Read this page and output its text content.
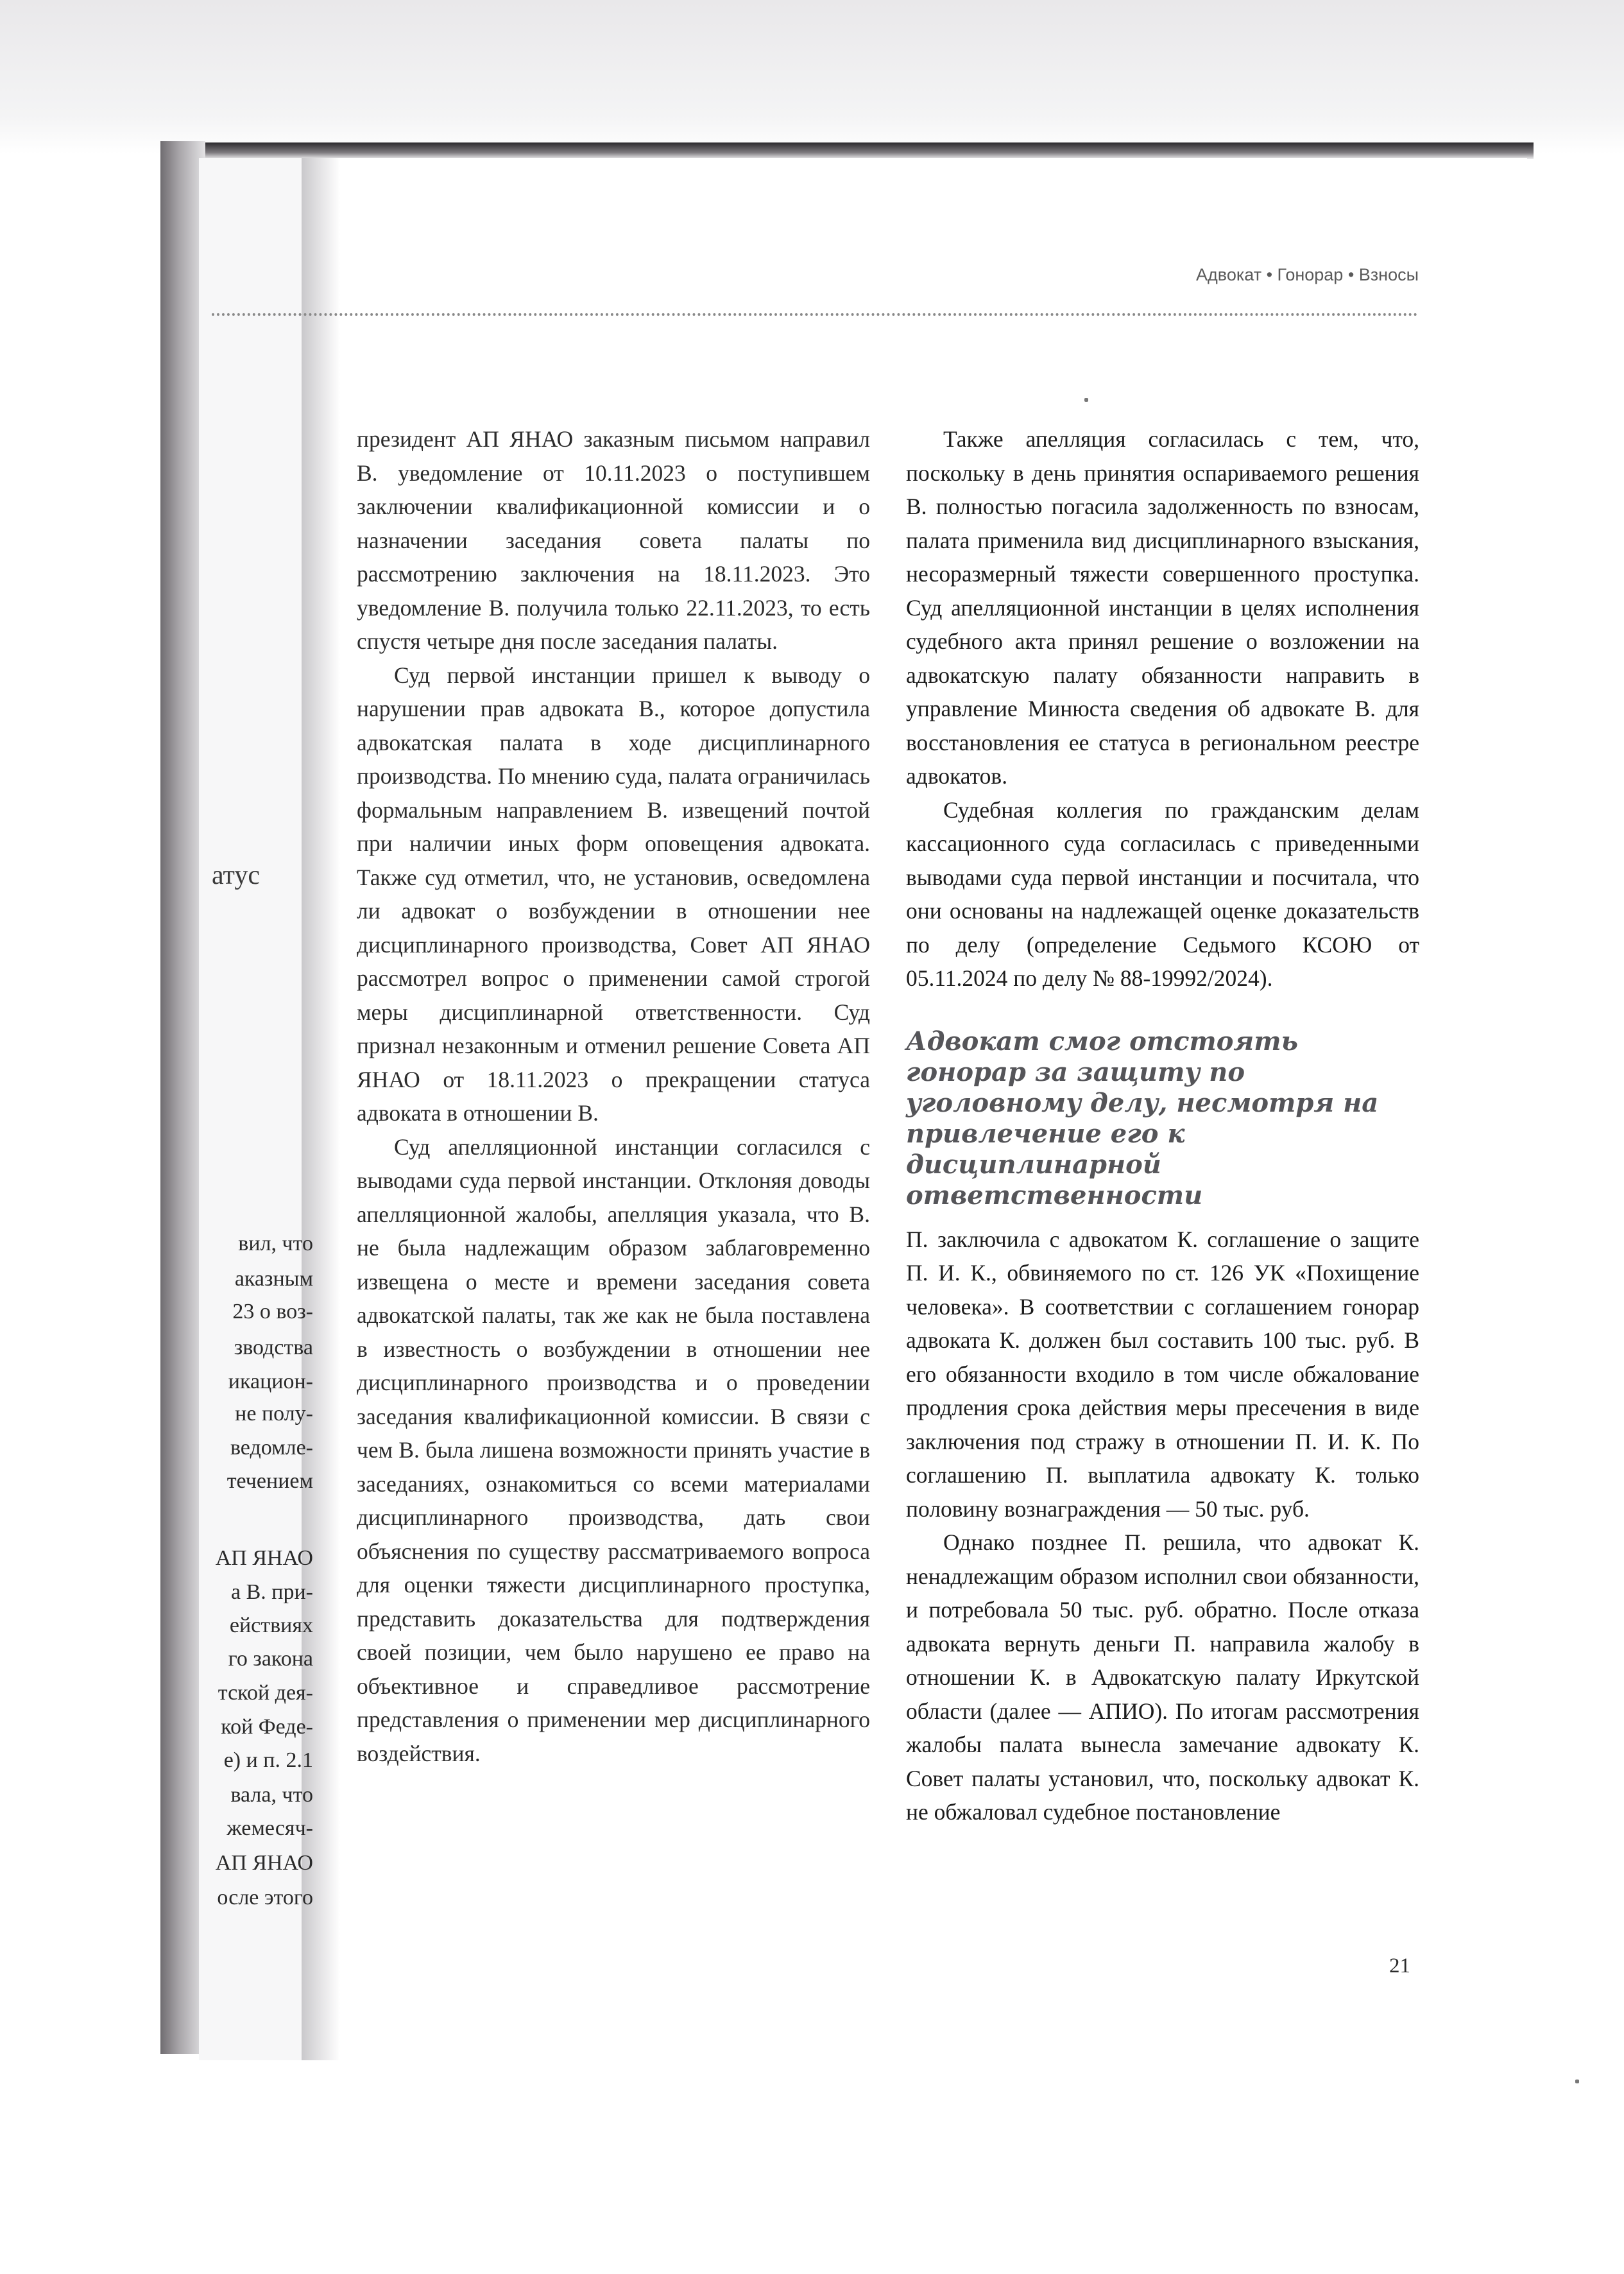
атус
вил, что
аказным
23 о воз-
зводства
икацион-
не полу-
ведомле-
течением
АП ЯНАО
а В. при-
ействиях
го закона
тской дея-
кой Феде-
е) и п. 2.1
вала, что
жемесяч-
АП ЯНАО
осле этого
Адвокат • Гонорар • Взносы

президент АП ЯНАО заказным письмом направил В. уведомление от 10.11.2023 о поступившем заключении квалификационной комиссии и о назначении заседания совета палаты по рассмотрению заключения на 18.11.2023. Это уведомление В. получила только 22.11.2023, то есть спустя четыре дня после заседания палаты.

Суд первой инстанции пришел к выводу о нарушении прав адвоката В., которое допустила адвокатская палата в ходе дисциплинарного производства. По мнению суда, палата ограничилась формальным направлением В. извещений почтой при наличии иных форм оповещения адвоката. Также суд отметил, что, не установив, осведомлена ли адвокат о возбуждении в отношении нее дисциплинарного производства, Совет АП ЯНАО рассмотрел вопрос о применении самой строгой меры дисциплинарной ответственности. Суд признал незаконным и отменил решение Совета АП ЯНАО от 18.11.2023 о прекращении статуса адвоката в отношении В.

Суд апелляционной инстанции согласился с выводами суда первой инстанции. Отклоняя доводы апелляционной жалобы, апелляция указала, что В. не была надлежащим образом заблаговременно извещена о месте и времени заседания совета адвокатской палаты, так же как не была поставлена в известность о возбуждении в отношении нее дисциплинарного производства и о проведении заседания квалификационной комиссии. В связи с чем В. была лишена возможности принять участие в заседаниях, ознакомиться со всеми материалами дисциплинарного производства, дать свои объяснения по существу рассматриваемого вопроса для оценки тяжести дисциплинарного проступка, представить доказательства для подтверждения своей позиции, чем было нарушено ее право на объективное и справедливое рассмотрение представления о применении мер дисциплинарного воздействия.

Также апелляция согласилась с тем, что, поскольку в день принятия оспариваемого решения В. полностью погасила задолженность по взносам, палата применила вид дисциплинарного взыскания, несоразмерный тяжести совершенного проступка. Суд апелляционной инстанции в целях исполнения судебного акта принял решение о возложении на адвокатскую палату обязанности направить в управление Минюста сведения об адвокате В. для восстановления ее статуса в региональном реестре адвокатов.

Судебная коллегия по гражданским делам кассационного суда согласилась с приведенными выводами суда первой инстанции и посчитала, что они основаны на надлежащей оценке доказательств по делу (определение Седьмого КСОЮ от 05.11.2024 по делу № 88-19992/2024).

Адвокат смог отстоять гонорар за защиту по уголовному делу, несмотря на привлечение его к дисциплинарной ответственности

П. заключила с адвокатом К. соглашение о защите П. И. К., обвиняемого по ст. 126 УК «Похищение человека». В соответствии с соглашением гонорар адвоката К. должен был составить 100 тыс. руб. В его обязанности входило в том числе обжалование продления срока действия меры пресечения в виде заключения под стражу в отношении П. И. К. По соглашению П. выплатила адвокату К. только половину вознаграждения — 50 тыс. руб.

Однако позднее П. решила, что адвокат К. ненадлежащим образом исполнил свои обязанности, и потребовала 50 тыс. руб. обратно. После отказа адвоката вернуть деньги П. направила жалобу в отношении К. в Адвокатскую палату Иркутской области (далее — АПИО). По итогам рассмотрения жалобы палата вынесла замечание адвокату К. Совет палаты установил, что, поскольку адвокат К. не обжаловал судебное постановление

21
